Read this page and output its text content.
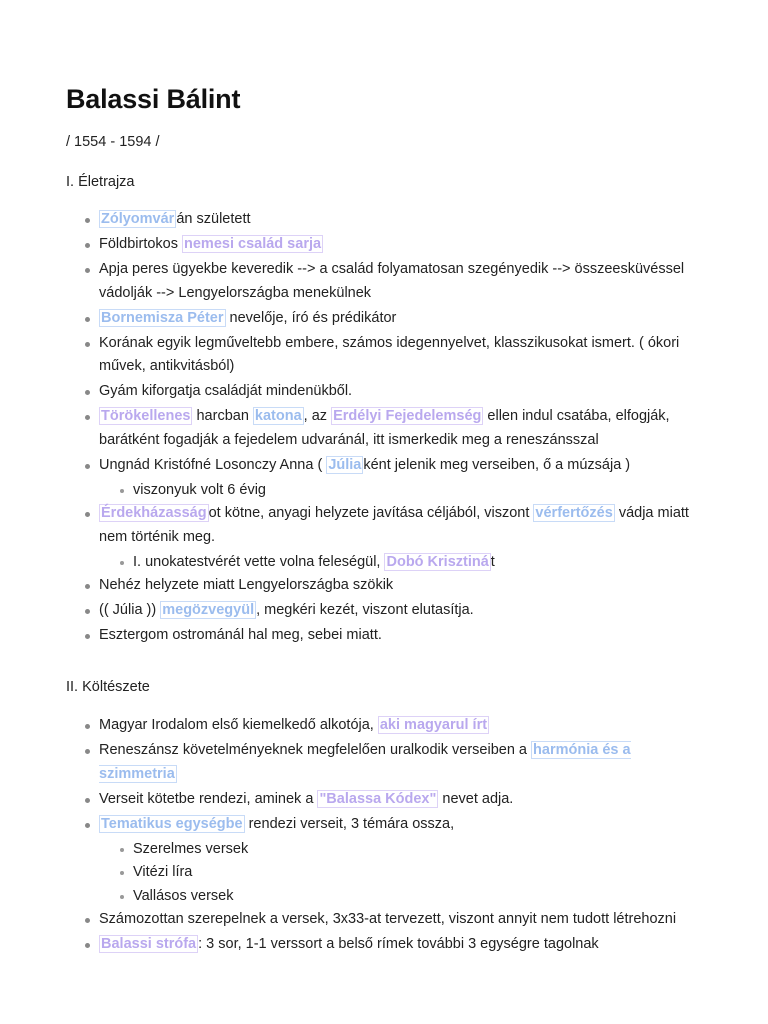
Balassi Bálint
/ 1554 - 1594 /
I. Életrajza
Zólyomvár án született
Földbirtokos nemesi család sarja
Apja peres ügyekbe keveredik --> a család folyamatosan szegényedik --> összeesküvéssel vádolják --> Lengyelországba menekülnek
Bornemisza Péter nevelője, író és prédikátor
Korának egyik legműveltebb embere, számos idegennyelvet, klasszikusokat ismert. ( ókori művek, antikvitásból)
Gyám kiforgatja családját mindenükből.
Törökellenes harcban katona , az Erdélyi Fejedelemség ellen indul csatába, elfogják, barátként fogadják a fejedelem udvaránál, itt ismerkedik meg a reneszánsszal
Ungnád Kristófné Losonczy Anna ( Júlia ként jelenik meg verseiben, ő a múzsája )
viszonyuk volt 6 évig
Érdekházasság ot kötne, anyagi helyzete javítása céljából, viszont vérfertőzés vádja miatt nem történik meg.
I. unokatestvérét vette volna feleségül, Dobó Krisztiná t
Nehéz helyzete miatt Lengyelországba szökik
(( Júlia )) megözvegyül , megkéri kezét, viszont elutasítja.
Esztergom ostrománál hal meg, sebei miatt.
II. Költészete
Magyar Irodalom első kiemelkedő alkotója, aki magyarul írt
Reneszánsz követelményeknek megfelelően uralkodik verseiben a harmónia és a szimmetria
Verseit kötetbe rendezi, aminek a "Balassa Kódex" nevet adja.
Tematikus egységbe rendezi verseit, 3 témára ossza,
Szerelmes versek
Vitézi líra
Vallásos versek
Számozottan szerepelnek a versek, 3x33-at tervezett, viszont annyit nem tudott létrehozni
Balassi strófa : 3 sor, 1-1 verssort a belső rímek további 3 egységre tagolnak
